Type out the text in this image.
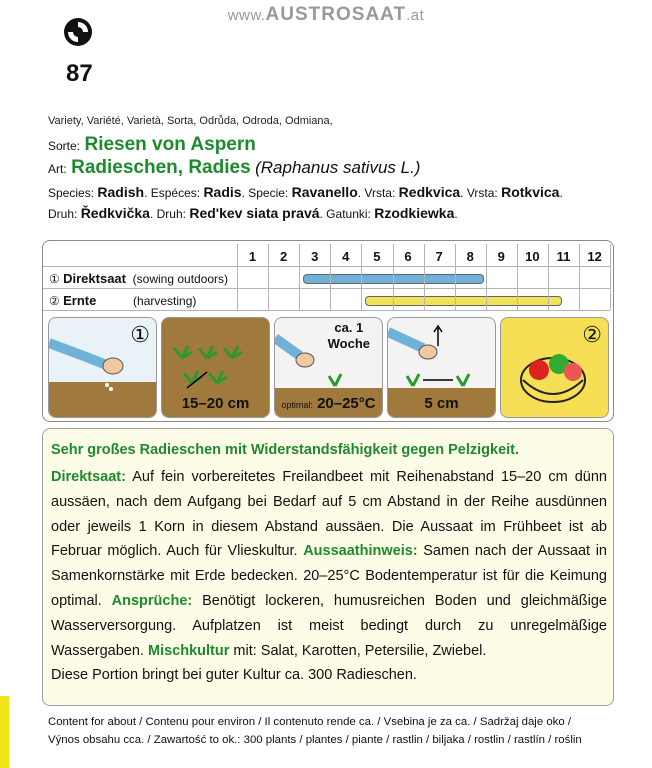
www.AUSTROSAAT.at
87
Variety, Variété, Varietà, Sorta, Odrůda, Odroda, Odmiana,
Sorte: Riesen von Aspern
Art: Radieschen, Radies (Raphanus sativus L.)
Species: Radish. Espéces: Radis. Specie: Ravanello. Vrsta: Redkvica. Vrsta: Rotkvica.
Druh: Ředkvička. Druh: Red'kev siata pravá. Gatunki: Rzodkiewka.
① Direktsaat (sowing outdoors)
② Ernte	(harvesting)
①
15–20 cm
ca. 1
Woche
optimal: 20–25°C	5 cm
②
1	2	3	4	5	6	7	8	9	10	11	12
Sehr großes Radieschen mit Widerstandsfähigkeit gegen Pelzigkeit.
Direktsaat: Auf fein vorbereitetes Freilandbeet mit Reihenabstand 15–20 cm dünn aussäen, nach dem Aufgang bei Bedarf auf 5 cm Abstand in der Reihe ausdünnen oder jeweils 1 Korn in diesem Abstand aussäen. Die Aussaat im Frühbeet ist ab Februar möglich. Auch für Vlieskultur. Aussaathinweis: Samen nach der Aussaat in Samenkornstärke mit Erde bedecken. 20–25°C Bodentemperatur ist für die Keimung optimal. Ansprüche: Benötigt lockeren, humusreichen Boden und gleichmäßige Wasserversorgung. Aufplatzen ist meist bedingt durch zu unregelmäßige Wassergaben. Mischkultur mit: Salat, Karotten, Petersilie, Zwiebel.
Diese Portion bringt bei guter Kultur ca. 300 Radieschen.
Content for about / Contenu pour environ / Il contenuto rende ca. / Vsebina je za ca. / Sadržaj daje oko /
Výnos obsahu cca. / Zawartość to ok.: 300 plants / plantes / piante / rastlin / biljaka / rostlin / rastlín / roślin
